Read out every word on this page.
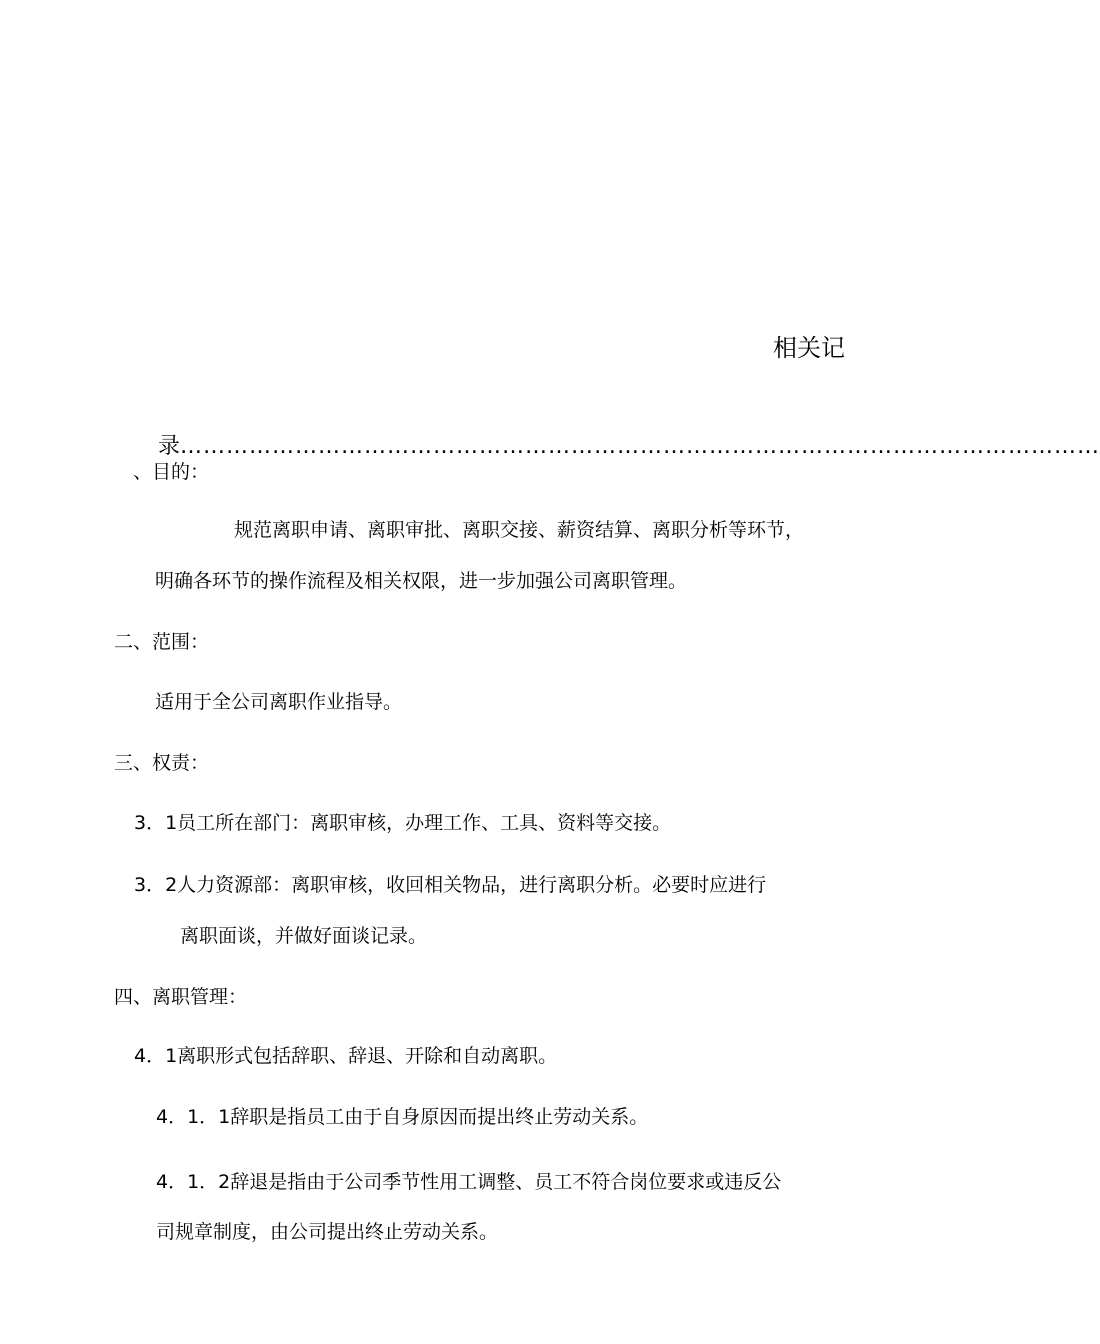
相关记
录…………………………………………………………………………………………………………
、目的：
规范离职申请、离职审批、离职交接、薪资结算、离职分析等环节，
明确各环节的操作流程及相关权限，进一步加强公司离职管理。
二、范围：
适用于全公司离职作业指导。
三、权责：
3．1员工所在部门：离职审核，办理工作、工具、资料等交接。
3．2人力资源部：离职审核，收回相关物品，进行离职分析。必要时应进行
离职面谈，并做好面谈记录。
四、离职管理：
4．1离职形式包括辞职、辞退、开除和自动离职。
4．1．1辞职是指员工由于自身原因而提出终止劳动关系。
4．1．2辞退是指由于公司季节性用工调整、员工不符合岗位要求或违反公
司规章制度，由公司提出终止劳动关系。
